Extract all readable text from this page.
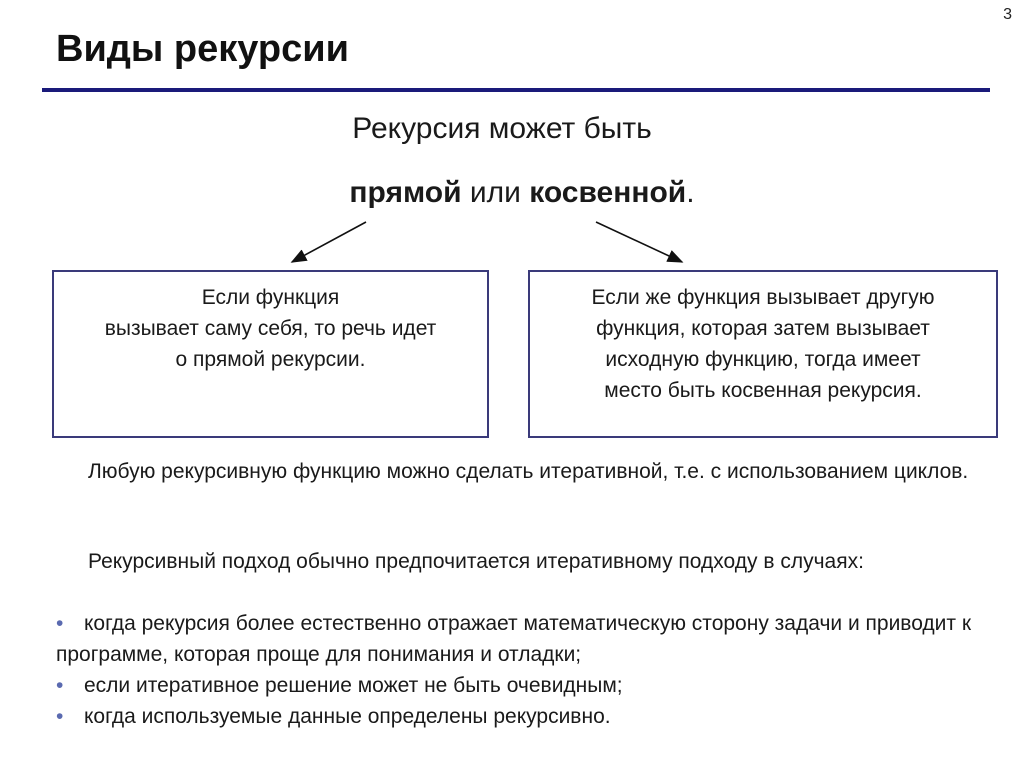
3
Виды рекурсии
Рекурсия может быть
прямой или косвенной.
Если функция
вызывает саму себя, то речь идет
о прямой рекурсии.
Если же функция вызывает другую
функция, которая затем вызывает
исходную функцию, тогда имеет
место быть косвенная рекурсия.

Любую рекурсивную функцию можно сделать итеративной, т.е. с использованием циклов.

Рекурсивный подход обычно предпочитается итеративному подходу в случаях:

• когда рекурсия более естественно отражает математическую сторону задачи и приводит к программе, которая проще для понимания и отладки;
• если итеративное решение может не быть очевидным;
• когда используемые данные определены рекурсивно.
